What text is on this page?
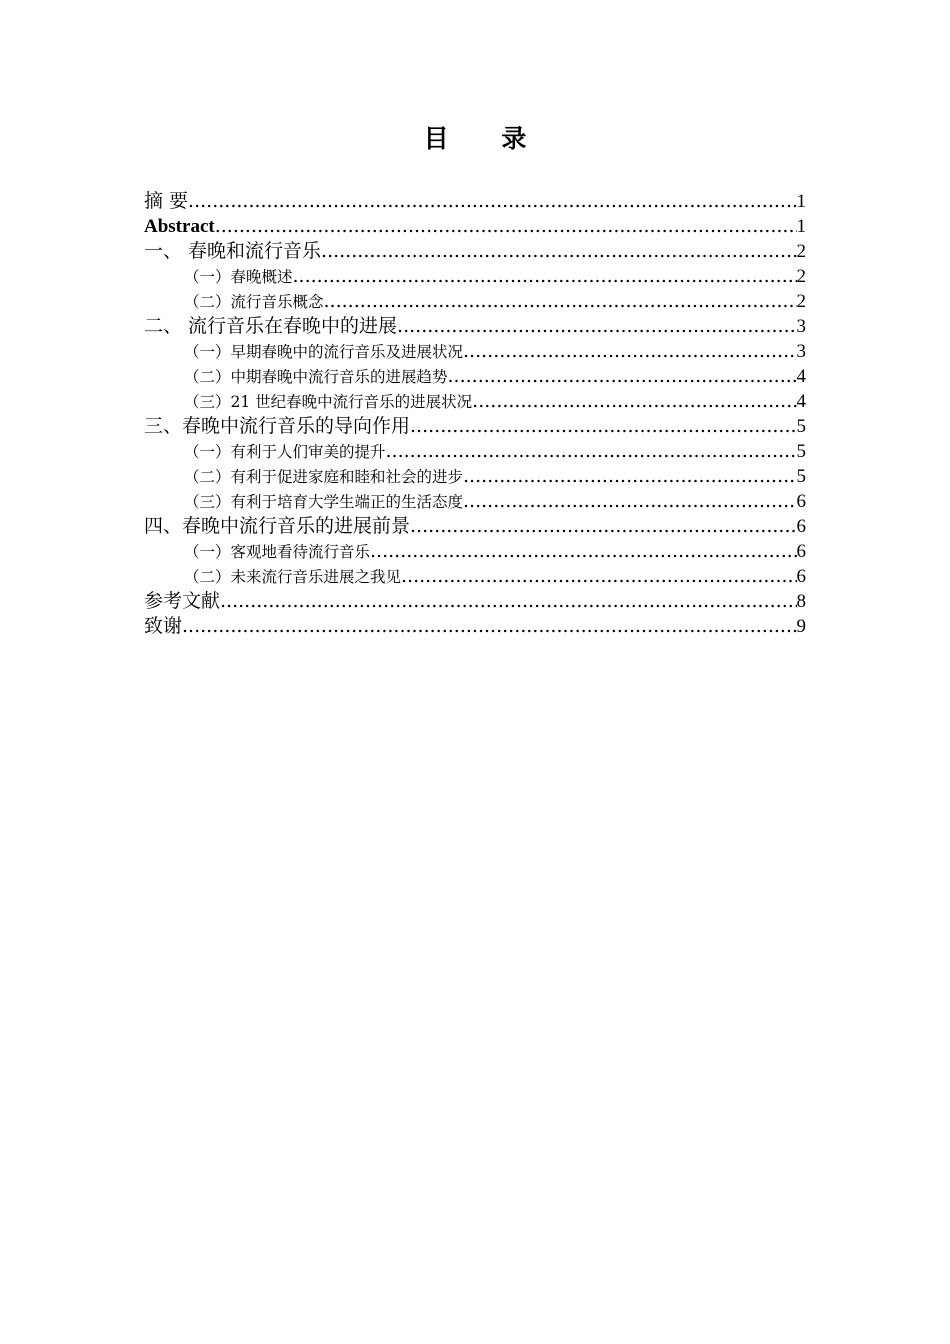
目 录
摘 要 .....	1
Abstract .....	1
一、 春晚和流行音乐 .....	2
（一）春晚概述 .....	2
（二）流行音乐概念 .....	2
二、 流行音乐在春晚中的进展 .....	3
（一）早期春晚中的流行音乐及进展状况 .....	3
（二）中期春晚中流行音乐的进展趋势 .....	4
（三）21 世纪春晚中流行音乐的进展状况 .....	4
三、春晚中流行音乐的导向作用 .....	5
（一）有利于人们审美的提升 .....	5
（二）有利于促进家庭和睦和社会的进步 .....	5
（三）有利于培育大学生端正的生活态度 .....	6
四、春晚中流行音乐的进展前景 .....	6
（一）客观地看待流行音乐 .....	6
（二）未来流行音乐进展之我见 .....	6
参考文献 .....	8
致谢 .....	9
